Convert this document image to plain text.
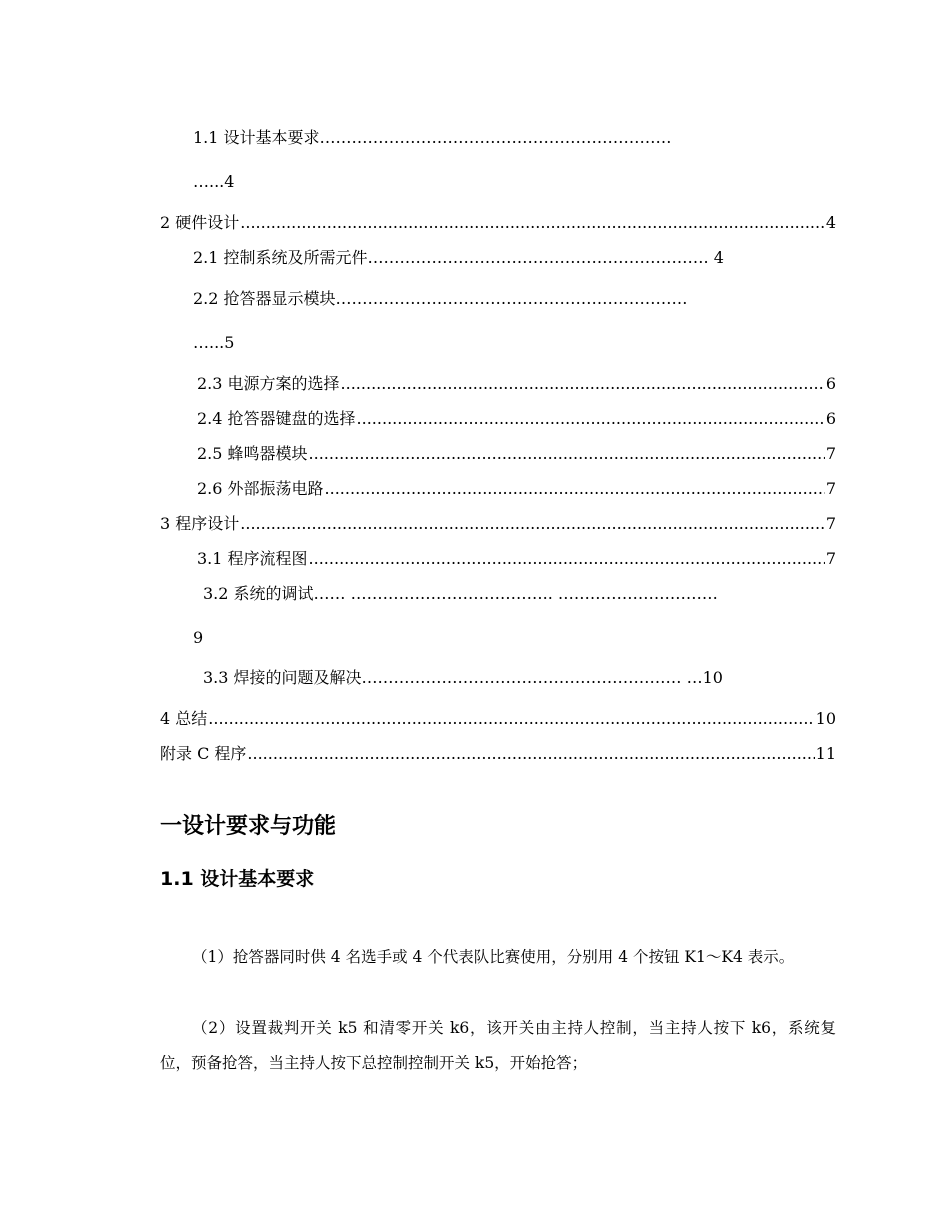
1.1 设计基本要求…………………………………………………………
…...4
2 硬件设计 .....	4
2.1 控制系统及所需元件………………………………………………………. 4
2.2 抢答器显示模块…………………………………………………………
…...5
2.3 电源方案的选择 .....	6
2.4 抢答器键盘的选择 .....	6
2.5 蜂鸣器模块 .....	7
2.6 外部振荡电路 .....	7
3 程序设计 .....	7
3.1 程序流程图 .....	7
3.2 系统的调试…… ……………………………….. …………………………
9
3.3 焊接的问题及解决…………………………………………………… …10
4 总结 .....	10
附录 C 程序 .....	11
一设计要求与功能
1.1 设计基本要求
（1）抢答器同时供 4 名选手或 4 个代表队比赛使用，分别用 4 个按钮 K1～K4 表示。
（2）设置裁判开关 k5 和清零开关 k6，该开关由主持人控制，当主持人按下 k6，系统复位，预备抢答，当主持人按下总控制控制开关 k5，开始抢答；
